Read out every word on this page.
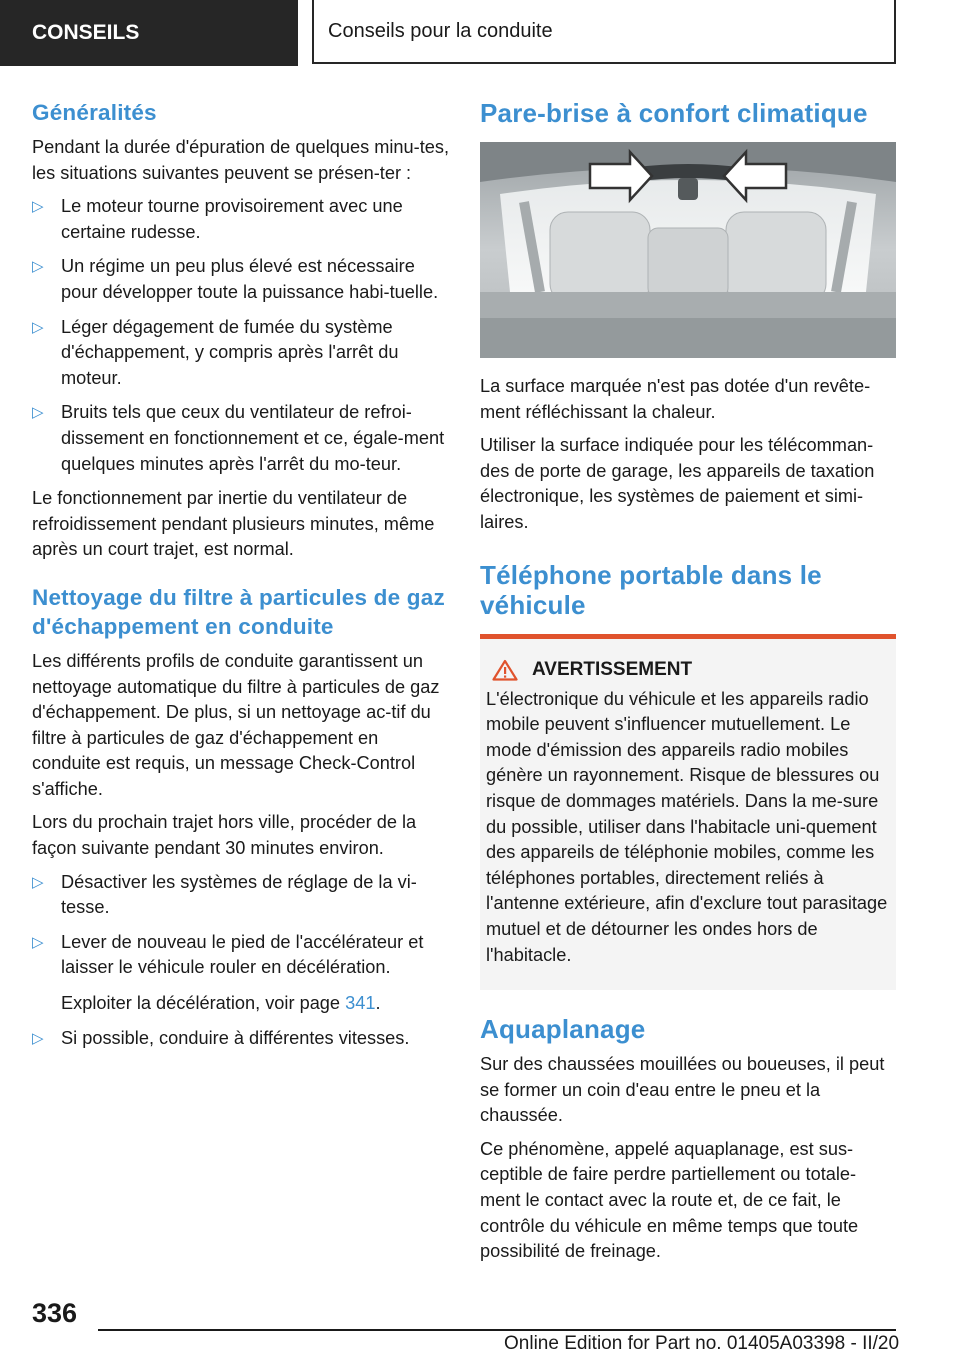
CONSEILS	Conseils pour la conduite
Généralités

Pendant la durée d'épuration de quelques minu-tes, les situations suivantes peuvent se présen-ter :

▷ Le moteur tourne provisoirement avec une certaine rudesse.
▷ Un régime un peu plus élevé est nécessaire pour développer toute la puissance habi-tuelle.
▷ Léger dégagement de fumée du système d'échappement, y compris après l'arrêt du moteur.
▷ Bruits tels que ceux du ventilateur de refroi-dissement en fonctionnement et ce, égale-ment quelques minutes après l'arrêt du mo-teur.

Le fonctionnement par inertie du ventilateur de refroidissement pendant plusieurs minutes, même après un court trajet, est normal.

Nettoyage du filtre à particules de gaz d'échappement en conduite

Les différents profils de conduite garantissent un nettoyage automatique du filtre à particules de gaz d'échappement. De plus, si un nettoyage ac-tif du filtre à particules de gaz d'échappement en conduite est requis, un message Check-Control s'affiche.

Lors du prochain trajet hors ville, procéder de la façon suivante pendant 30 minutes environ.

▷ Désactiver les systèmes de réglage de la vi-tesse.
▷ Lever de nouveau le pied de l'accélérateur et laisser le véhicule rouler en décélération.

Exploiter la décélération, voir page 341.

▷ Si possible, conduire à différentes vitesses.
Pare-brise à confort climatique

La surface marquée n'est pas dotée d'un revête-ment réfléchissant la chaleur.

Utiliser la surface indiquée pour les télécomman-des de porte de garage, les appareils de taxation électronique, les systèmes de paiement et simi-laires.

Téléphone portable dans le véhicule
AVERTISSEMENT

L'électronique du véhicule et les appareils radio mobile peuvent s'influencer mutuellement. Le mode d'émission des appareils radio mobiles génère un rayonnement. Risque de blessures ou risque de dommages matériels. Dans la me-sure du possible, utiliser dans l'habitacle uni-quement des appareils de téléphonie mobiles, comme les téléphones portables, directement reliés à l'antenne extérieure, afin d'exclure tout parasitage mutuel et de détourner les ondes hors de l'habitacle.

Aquaplanage

Sur des chaussées mouillées ou boueuses, il peut se former un coin d'eau entre le pneu et la chaussée.

Ce phénomène, appelé aquaplanage, est sus-ceptible de faire perdre partiellement ou totale-ment le contact avec la route et, de ce fait, le contrôle du véhicule en même temps que toute possibilité de freinage.

336
Online Edition for Part no. 01405A03398 - II/20
